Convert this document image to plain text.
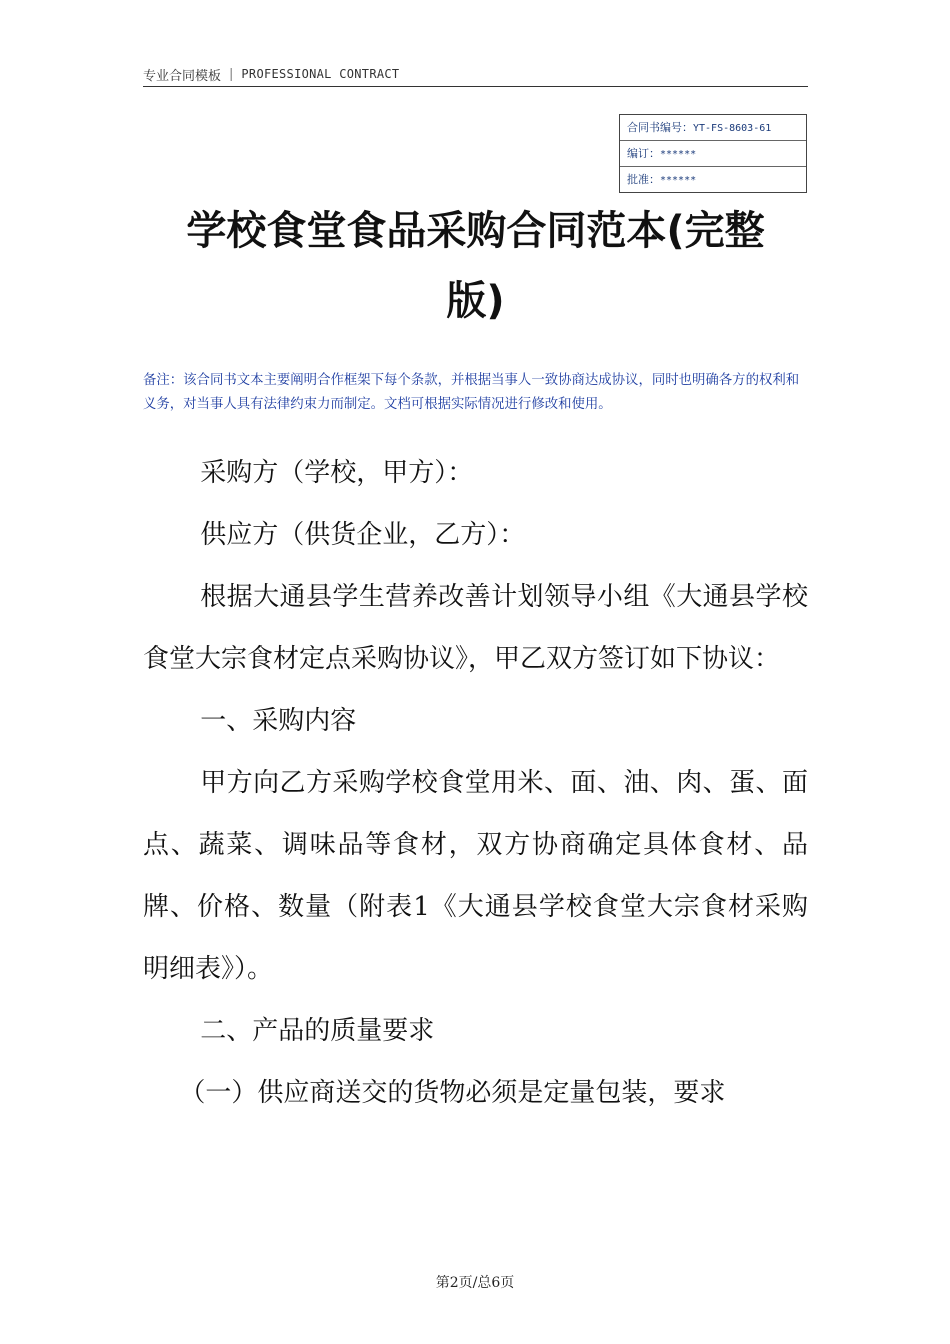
专业合同模板 | PROFESSIONAL CONTRACT
合同书编号：YT-FS-8603-61
编订：******
批准：******
学校食堂食品采购合同范本(完整
版)
备注：该合同书文本主要阐明合作框架下每个条款，并根据当事人一致协商达成协议，同时也明确各方的权利和义务，对当事人具有法律约束力而制定。文档可根据实际情况进行修改和使用。

采购方（学校，甲方）：

供应方（供货企业，乙方）：

根据大通县学生营养改善计划领导小组《大通县学校食堂大宗食材定点采购协议》，甲乙双方签订如下协议：

一、采购内容

甲方向乙方采购学校食堂用米、面、油、肉、蛋、面点、蔬菜、调味品等食材，双方协商确定具体食材、品牌、价格、数量（附表1《大通县学校食堂大宗食材采购明细表》）。

二、产品的质量要求

（一）供应商送交的货物必须是定量包装，要求

第2页/总6页
